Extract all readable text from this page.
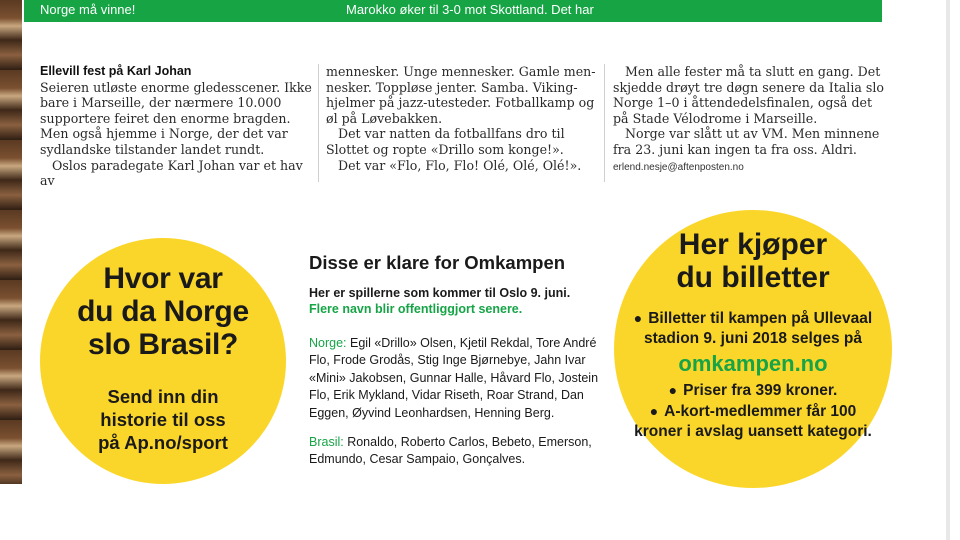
Norge må vinne!	Marokko øker til 3-0 mot Skottland. Det har

Ellevill fest på Karl Johan

Seieren utløste enorme gledesscener. Ikke bare i Marseille, der nærmere 10.000 supportere feiret den enorme bragden. Men også hjemme i Norge, der det var sydlandske tilstander landet rundt.

Oslos paradegate Karl Johan var et hav av

mennesker. Unge mennesker. Gamle mennesker. Toppløse jenter. Samba. Viking-hjelmer på jazz-utesteder. Fotballkamp og øl på Løvebakken.

Det var natten da fotballfans dro til Slottet og ropte «Drillo som konge!».

Det var «Flo, Flo, Flo! Olé, Olé, Olé!».

Men alle fester må ta slutt en gang. Det skjedde drøyt tre døgn senere da Italia slo Norge 1–0 i åttendedelsfinalen, også det på Stade Vélodrome i Marseille.

Norge var slått ut av VM. Men minnene fra 23. juni kan ingen ta fra oss. Aldri.

erlend.nesje@aftenposten.no

Hvor var
du da Norge
slo Brasil?
Send inn din
historie til oss
på Ap.no/sport
Disse er klare for Omkampen
Her er spillerne som kommer til Oslo 9. juni.
Flere navn blir offentliggjort senere.
Norge: Egil «Drillo» Olsen, Kjetil Rekdal, Tore André Flo, Frode Grodås, Stig Inge Bjørnebye, Jahn Ivar «Mini» Jakobsen, Gunnar Halle, Håvard Flo, Jostein Flo, Erik Mykland, Vidar Riseth, Roar Strand, Dan Eggen, Øyvind Leonhardsen, Henning Berg.
Brasil: Ronaldo, Roberto Carlos, Bebeto, Emerson, Edmundo, Cesar Sampaio, Gonçalves.
Her kjøper
du billetter
● Billetter til kampen på Ullevaal stadion 9. juni 2018 selges på
omkampen.no
● Priser fra 399 kroner.
● A-kort-medlemmer får 100 kroner i avslag uansett kategori.
